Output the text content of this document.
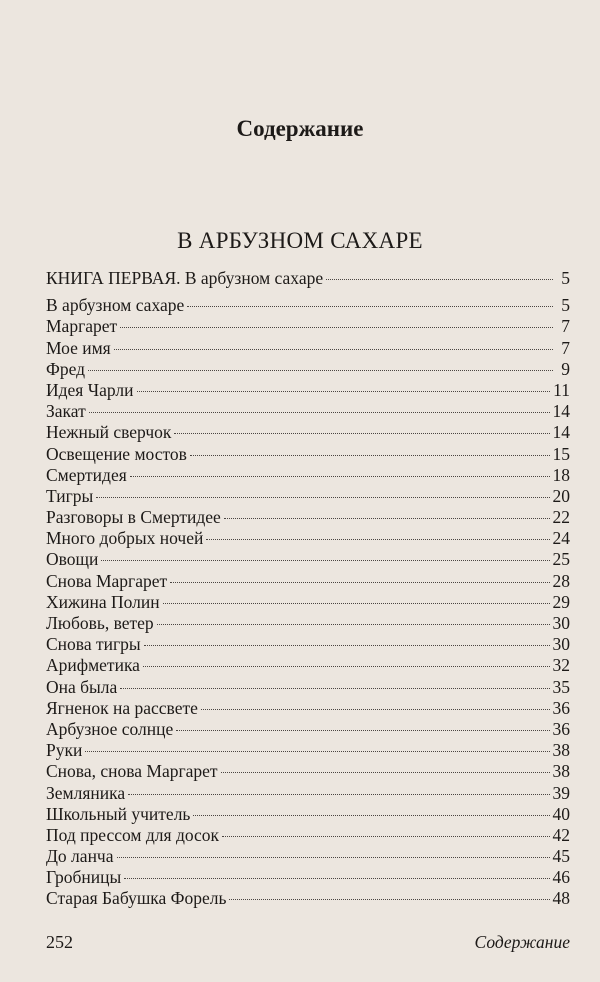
Содержание
В АРБУЗНОМ САХАРЕ
КНИГА ПЕРВАЯ. В арбузном сахаре	5
В арбузном сахаре	5
Маргарет	7
Мое имя	7
Фред	9
Идея Чарли	11
Закат	14
Нежный сверчок	14
Освещение мостов	15
Смертидея	18
Тигры	20
Разговоры в Смертидее	22
Много добрых ночей	24
Овощи	25
Снова Маргарет	28
Хижина Полин	29
Любовь, ветер	30
Снова тигры	30
Арифметика	32
Она была	35
Ягненок на рассвете	36
Арбузное солнце	36
Руки	38
Снова, снова Маргарет	38
Земляника	39
Школьный учитель	40
Под прессом для досок	42
До ланча	45
Гробницы	46
Старая Бабушка Форель	48
252	Содержание
